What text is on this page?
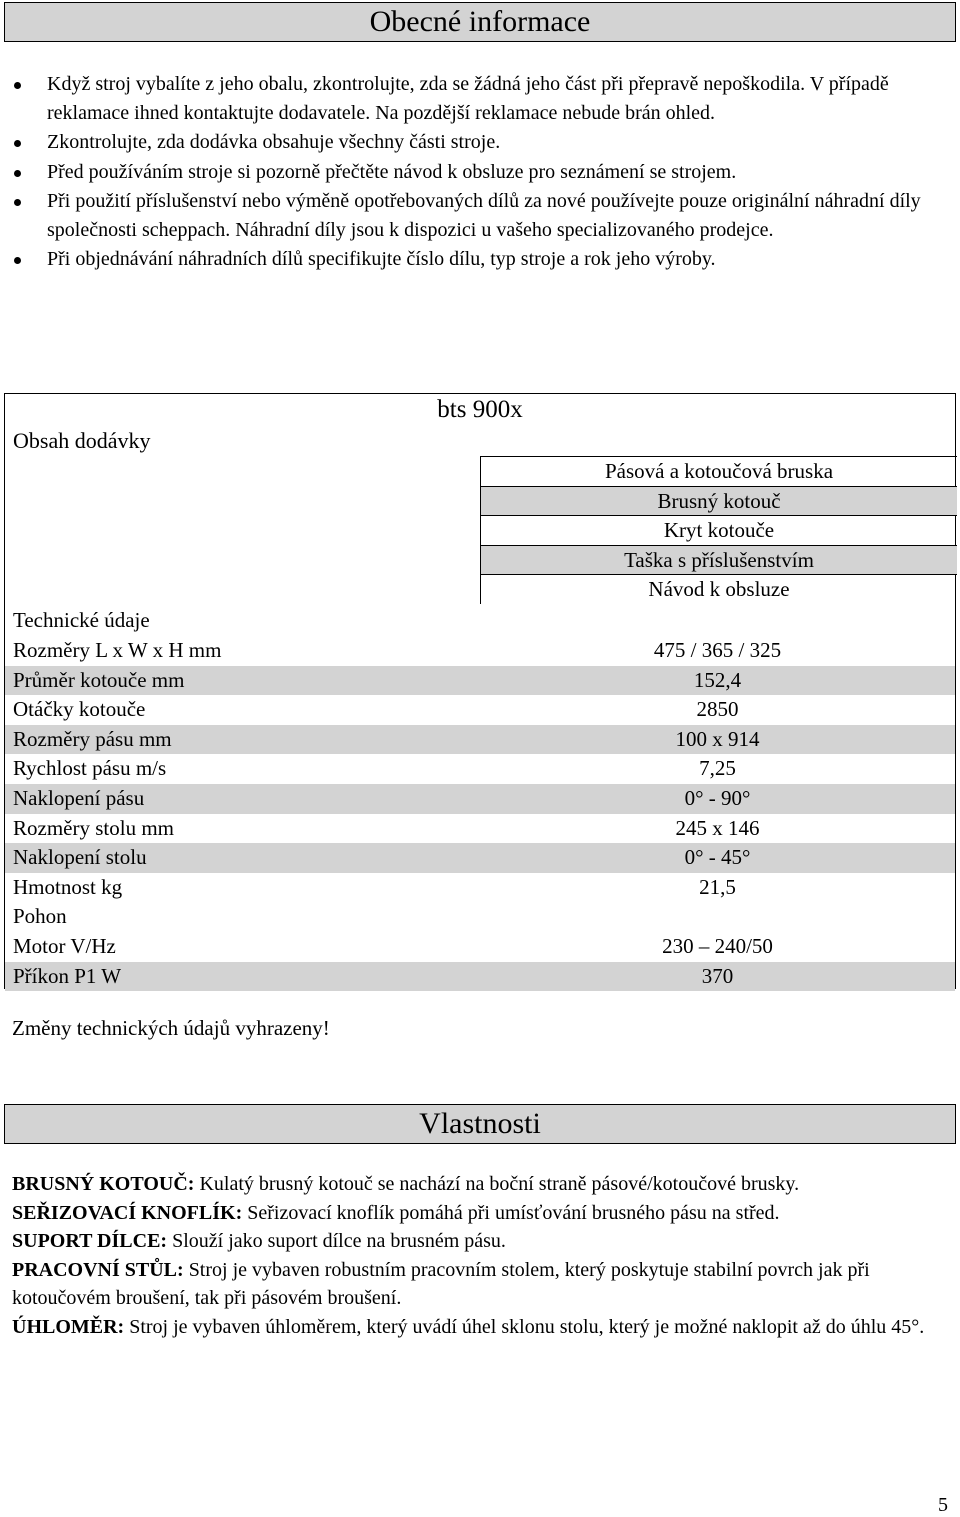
Obecné informace
Když stroj vybalíte z jeho obalu, zkontrolujte, zda se žádná jeho část při přepravě nepoškodila. V případě reklamace ihned kontaktujte dodavatele. Na pozdější reklamace nebude brán ohled.
Zkontrolujte, zda dodávka obsahuje všechny části stroje.
Před používáním stroje si pozorně přečtěte návod k obsluze pro seznámení se strojem.
Při použití příslušenství nebo výměně opotřebovaných dílů za nové používejte pouze originální náhradní díly společnosti scheppach. Náhradní díly jsou k dispozici u vašeho specializovaného prodejce.
Při objednávání náhradních dílů specifikujte číslo dílu, typ stroje a rok jeho výroby.
bts 900x
Obsah dodávky
Pásová a kotoučová bruska
Brusný kotouč
Kryt kotouče
Taška s příslušenstvím
Návod k obsluze
Technické údaje
Rozměry L x W x H mm	475 / 365 / 325
Průměr kotouče mm	152,4
Otáčky kotouče	2850
Rozměry pásu mm	100 x 914
Rychlost pásu m/s	7,25
Naklopení pásu	0° - 90°
Rozměry stolu mm	245 x 146
Naklopení stolu	0° - 45°
Hmotnost kg	21,5
Pohon
Motor V/Hz	230 – 240/50
Příkon P1 W	370
Změny technických údajů vyhrazeny!
Vlastnosti

BRUSNÝ KOTOUČ: Kulatý brusný kotouč se nachází na boční straně pásové/kotoučové brusky.

SEŘIZOVACÍ KNOFLÍK: Seřizovací knoflík pomáhá při umísťování brusného pásu na střed.

SUPORT DÍLCE: Slouží jako suport dílce na brusném pásu.

PRACOVNÍ STŮL: Stroj je vybaven robustním pracovním stolem, který poskytuje stabilní povrch jak při kotoučovém broušení, tak při pásovém broušení.

ÚHLOMĚR: Stroj je vybaven úhloměrem, který uvádí úhel sklonu stolu, který je možné naklopit až do úhlu 45°.

5
